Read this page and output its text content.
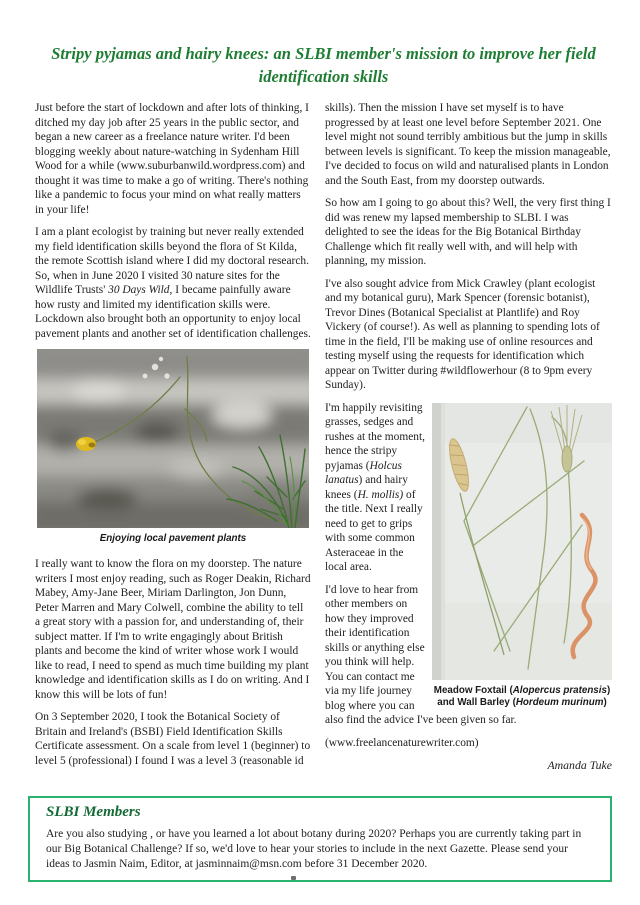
Stripy pyjamas and hairy knees: an SLBI member's mission to improve her field identification skills

Just before the start of lockdown and after lots of thinking, I ditched my day job after 25 years in the public sector, and began a new career as a freelance nature writer. I'd been blogging weekly about nature-watching in Sydenham Hill Wood for a while (www.suburbanwild.wordpress.com) and thought it was time to make a go of writing. There's nothing like a pandemic to focus your mind on what really matters in your life!

I am a plant ecologist by training but never really extended my field identification skills beyond the flora of St Kilda, the remote Scottish island where I did my doctoral research. So, when in June 2020 I visited 30 nature sites for the Wildlife Trusts' 30 Days Wild, I became painfully aware how rusty and limited my identification skills were. Lockdown also brought both an opportunity to enjoy local pavement plants and another set of identification challenges.

Enjoying local pavement plants

I really want to know the flora on my doorstep. The nature writers I most enjoy reading, such as Roger Deakin, Richard Mabey, Amy-Jane Beer, Miriam Darlington, Jon Dunn, Peter Marren and Mary Colwell, combine the ability to tell a great story with a passion for, and understanding of, their subject matter. If I'm to write engagingly about British plants and become the kind of writer whose work I would like to read, I need to spend as much time building my plant knowledge and identification skills as I do on writing. And I know this will be lots of fun!

On 3 September 2020, I took the Botanical Society of Britain and Ireland's (BSBI) Field Identification Skills Certificate assessment. On a scale from level 1 (beginner) to level 5 (professional) I found I was a level 3 (reasonable id

skills). Then the mission I have set myself is to have progressed by at least one level before September 2021. One level might not sound terribly ambitious but the jump in skills between levels is significant. To keep the mission manageable, I've decided to focus on wild and naturalised plants in London and the South East, from my doorstep outwards.

So how am I going to go about this? Well, the very first thing I did was renew my lapsed membership to SLBI. I was delighted to see the ideas for the Big Botanical Birthday Challenge which fit really well with, and will help with planning, my mission.

I've also sought advice from Mick Crawley (plant ecologist and my botanical guru), Mark Spencer (forensic botanist), Trevor Dines (Botanical Specialist at Plantlife) and Roy Vickery (of course!). As well as planning to spending lots of time in the field, I'll be making use of online resources and testing myself using the requests for identification which appear on Twitter during #wildflowerhour (8 to 9pm every Sunday).

Meadow Foxtail (Alopercus pratensis) and Wall Barley (Hordeum murinum)

I'm happily revisiting grasses, sedges and rushes at the moment, hence the stripy pyjamas (Holcus lanatus) and hairy knees (H. mollis) of the title. Next I really need to get to grips with some common Asteraceae in the local area.

I'd love to hear from other members on how they improved their identification skills or anything else you think will help. You can contact me via my life journey blog where you can also find the advice I've been given so far.

(www.freelancenaturewriter.com)

Amanda Tuke

SLBI Members

Are you also studying , or have you learned a lot about botany during 2020? Perhaps you are currently taking part in our Big Botanical Challenge? If so, we'd love to hear your stories to include in the next Gazette. Please send your ideas to Jasmin Naim, Editor, at jasminnaim@msn.com before 31 December 2020.
